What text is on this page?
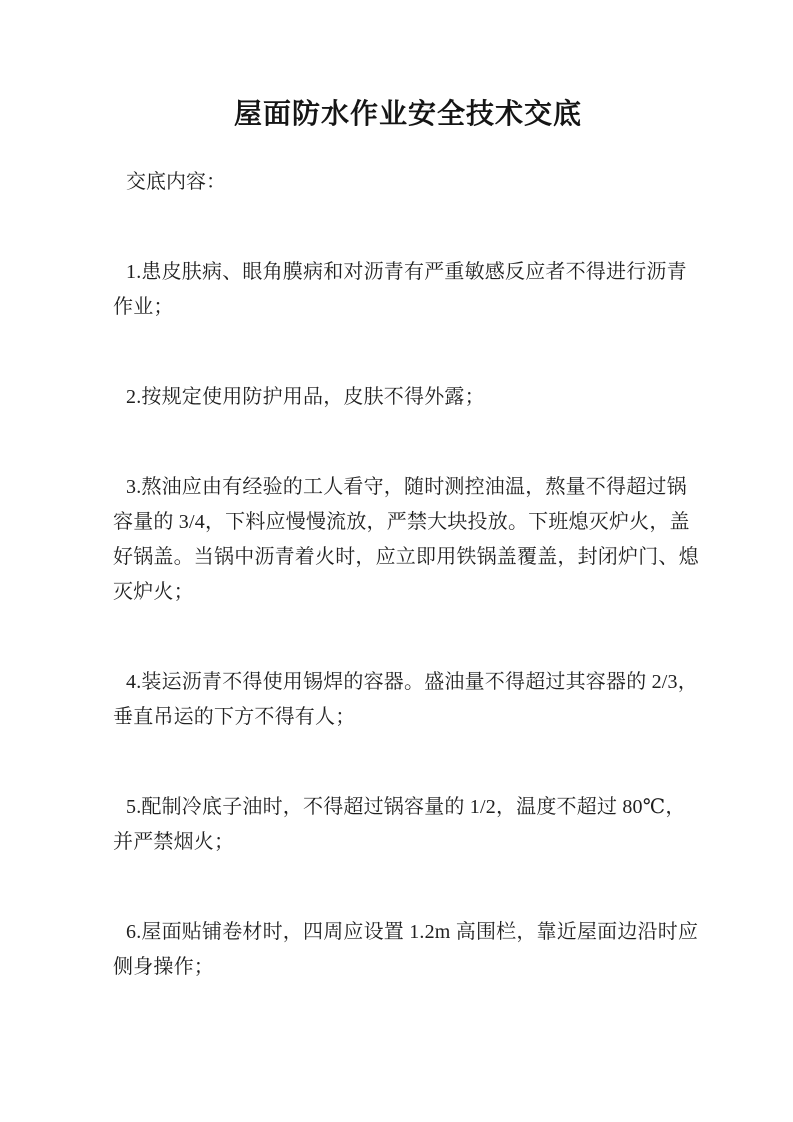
屋面防水作业安全技术交底

交底内容：

1.患皮肤病、眼角膜病和对沥青有严重敏感反应者不得进行沥青作业；

2.按规定使用防护用品，皮肤不得外露；

3.熬油应由有经验的工人看守，随时测控油温，熬量不得超过锅容量的 3/4，下料应慢慢流放，严禁大块投放。下班熄灭炉火，盖好锅盖。当锅中沥青着火时，应立即用铁锅盖覆盖，封闭炉门、熄灭炉火；

4.装运沥青不得使用锡焊的容器。盛油量不得超过其容器的 2/3，垂直吊运的下方不得有人；

5.配制冷底子油时，不得超过锅容量的 1/2，温度不超过 80℃，并严禁烟火；

6.屋面贴铺卷材时，四周应设置 1.2m 高围栏，靠近屋面边沿时应侧身操作；
